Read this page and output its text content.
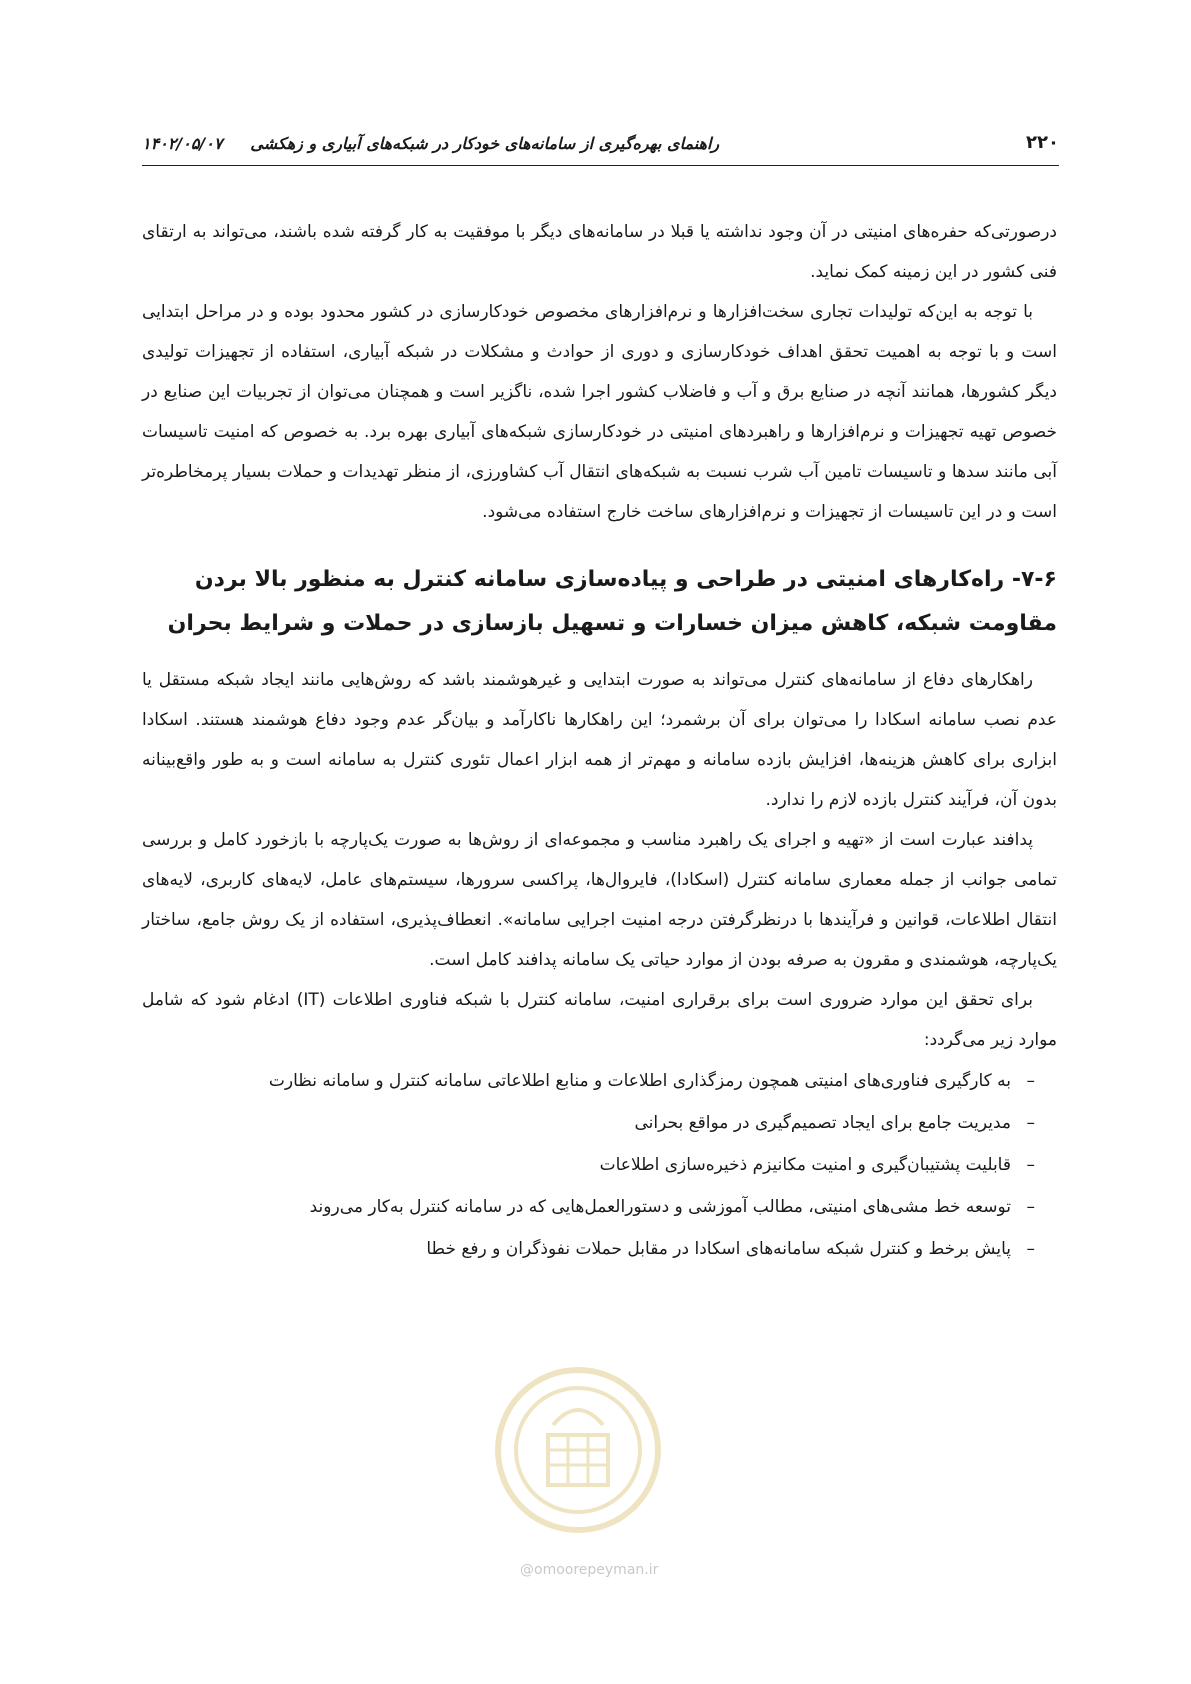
۲۲۰
راهنمای بهره‌گیری از سامانه‌های خودکار در شبکه‌های آبیاری و زهکشی     ۱۴۰۲/۰۵/۰۷

درصورتی‌که حفره‌های امنیتی در آن وجود نداشته یا قبلا در سامانه‌های دیگر با موفقیت به کار گرفته شده باشند، می‌تواند به ارتقای فنی کشور در این زمینه کمک نماید.

با توجه به این‌که تولیدات تجاری سخت‌افزارها و نرم‌افزارهای مخصوص خودکارسازی در کشور محدود بوده و در مراحل ابتدایی است و با توجه به اهمیت تحقق اهداف خودکارسازی و دوری از حوادث و مشکلات در شبکه آبیاری، استفاده از تجهیزات تولیدی دیگر کشورها، همانند آنچه در صنایع برق و آب و فاضلاب کشور اجرا شده، ناگزیر است و همچنان می‌توان از تجربیات این صنایع در خصوص تهیه تجهیزات و نرم‌افزارها و راهبردهای امنیتی در خودکارسازی شبکه‌های آبیاری بهره برد. به خصوص که امنیت تاسیسات آبی مانند سدها و تاسیسات تامین آب شرب نسبت به شبکه‌های انتقال آب کشاورزی، از منظر تهدیدات و حملات بسیار پرمخاطره‌تر است و در این تاسیسات از تجهیزات و نرم‌افزارهای ساخت خارج استفاده می‌شود.

۷-۶- راه‌کارهای امنیتی در طراحی و پیاده‌سازی سامانه کنترل به منظور بالا بردن مقاومت شبکه، کاهش میزان خسارات و تسهیل بازسازی در حملات و شرایط بحران

راهکارهای دفاع از سامانه‌های کنترل می‌تواند به صورت ابتدایی و غیرهوشمند باشد که روش‌هایی مانند ایجاد شبکه مستقل یا عدم نصب سامانه اسکادا را می‌توان برای آن برشمرد؛ این راهکارها ناکارآمد و بیان‌گر عدم وجود دفاع هوشمند هستند. اسکادا ابزاری برای کاهش هزینه‌ها، افزایش بازده سامانه و مهم‌تر از همه ابزار اعمال تئوری کنترل به سامانه است و به طور واقع‌بینانه بدون آن، فرآیند کنترل بازده لازم را ندارد.

پدافند عبارت است از «تهیه و اجرای یک راهبرد مناسب و مجموعه‌ای از روش‌ها به صورت یک‌پارچه با بازخورد کامل و بررسی تمامی جوانب از جمله معماری سامانه کنترل (اسکادا)، فایروال‌ها، پراکسی سرورها، سیستم‌های عامل، لایه‌های کاربری، لایه‌های انتقال اطلاعات، قوانین و فرآیندها با درنظرگرفتن درجه امنیت اجرایی سامانه». انعطاف‌پذیری، استفاده از یک روش جامع، ساختار یک‌پارچه، هوشمندی و مقرون به صرفه بودن از موارد حیاتی یک سامانه پدافند کامل است.

برای تحقق این موارد ضروری است برای برقراری امنیت، سامانه کنترل با شبکه فناوری اطلاعات (IT) ادغام شود که شامل موارد زیر می‌گردد:

– به کارگیری فناوری‌های امنیتی همچون رمزگذاری اطلاعات و منابع اطلاعاتی سامانه کنترل و سامانه نظارت
– مدیریت جامع برای ایجاد تصمیم‌گیری در مواقع بحرانی
– قابلیت پشتیبان‌گیری و امنیت مکانیزم ذخیره‌سازی اطلاعات
– توسعه خط مشی‌های امنیتی، مطالب آموزشی و دستورالعمل‌هایی که در سامانه کنترل به‌کار می‌روند
– پایش برخط و کنترل شبکه سامانه‌های اسکادا در مقابل حملات نفوذگران و رفع خطا
@omoorepeyman.ir
